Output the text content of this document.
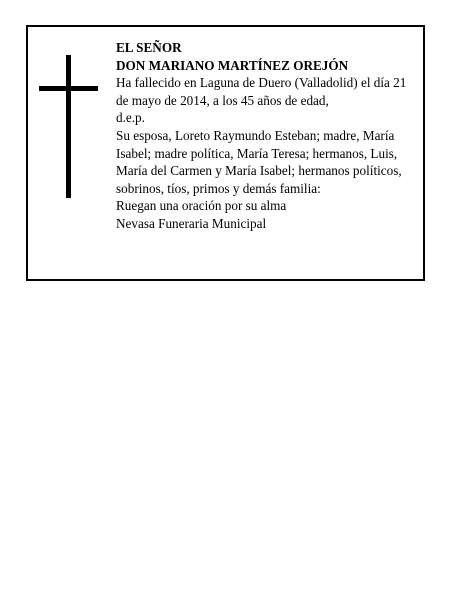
EL SEÑOR

DON MARIANO MARTÍNEZ OREJÓN

Ha fallecido en Laguna de Duero (Valladolid) el día 21 de mayo de 2014, a los 45 años de edad,

d.e.p.

Su esposa, Loreto Raymundo Esteban; madre, María Isabel; madre política, María Teresa; hermanos, Luis, María del Carmen y María Isabel; hermanos políticos, sobrinos, tíos, primos y demás familia:

Ruegan una oración por su alma

Nevasa Funeraria Municipal
